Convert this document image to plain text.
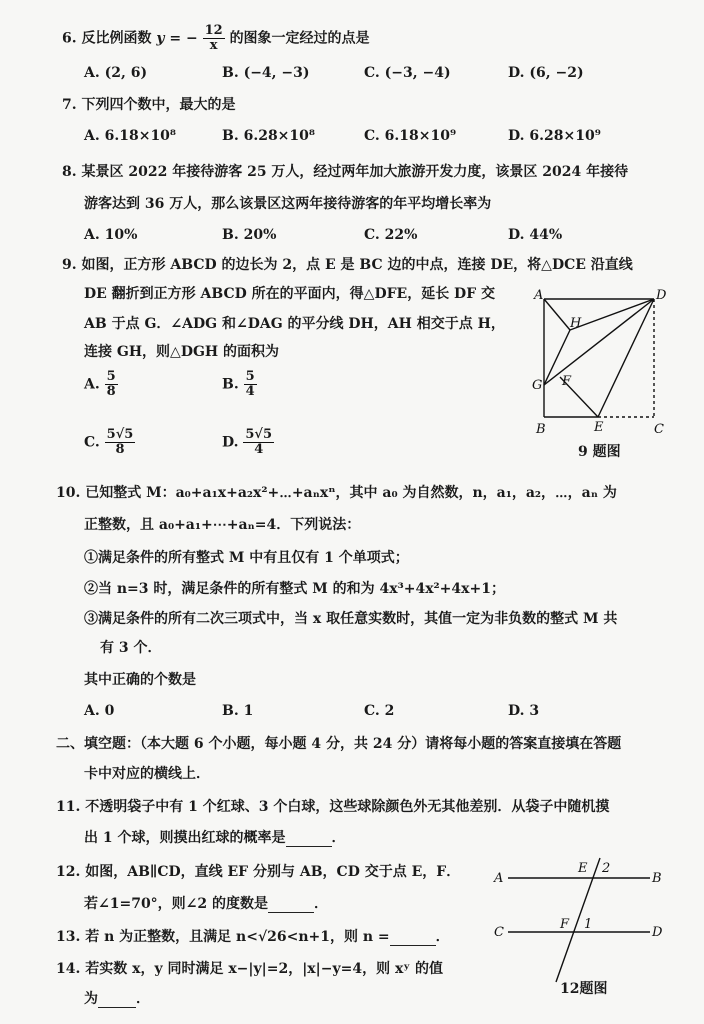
6. 反比例函数 y = − $\frac{12}{x}$ 的图象一定经过的点是
A. (2, 6)	B. (−4, −3)	C. (−3, −4)	D. (6, −2)
7. 下列四个数中，最大的是
A. 6.18×10⁸	B. 6.28×10⁸	C. 6.18×10⁹	D. 6.28×10⁹
8. 某景区 2022 年接待游客 25 万人，经过两年加大旅游开发力度，该景区 2024 年接待
游客达到 36 万人，那么该景区这两年接待游客的年平均增长率为
A. 10%	B. 20%	C. 22%	D. 44%
9. 如图，正方形 ABCD 的边长为 2，点 E 是 BC 边的中点，连接 DE，将△DCE 沿直线
DE 翻折到正方形 ABCD 所在的平面内，得△DFE，延长 DF 交
AB 于点 G．∠ADG 和∠DAG 的平分线 DH，AH 相交于点 H，
连接 GH，则△DGH 的面积为
A. $\frac{5}{8}$	B. $\frac{5}{4}$
C. $\frac{5√5}{8}$	D. $\frac{5√5}{4}$
A	D
H
G F
B	E	C
9 题图
10. 已知整式 M：a₀+a₁x+a₂x²+⋯+aₙxⁿ，其中 a₀ 为自然数，n，a₁，a₂，⋯，aₙ 为
正整数，且 a₀+a₁+⋯+aₙ=4．下列说法：
①满足条件的所有整式 M 中有且仅有 1 个单项式；
②当 n=3 时，满足条件的所有整式 M 的和为 4x³+4x²+4x+1；
③满足条件的所有二次三项式中，当 x 取任意实数时，其值一定为非负数的整式 M 共
有 3 个．
其中正确的个数是
A. 0	B. 1	C. 2	D. 3
二、填空题：（本大题 6 个小题，每小题 4 分，共 24 分）请将每小题的答案直接填在答题
卡中对应的横线上．
11. 不透明袋子中有 1 个红球、3 个白球，这些球除颜色外无其他差别．从袋子中随机摸
出 1 个球，则摸出红球的概率是	．
12. 如图，AB∥CD，直线 EF 分别与 AB，CD 交于点 E，F．
若∠1=70°，则∠2 的度数是	．
A
E 2
B
C
F 1
D
12题图
13. 若 n 为正整数，且满足 n<√26<n+1，则 n =	．
14. 若实数 x，y 同时满足 x−|y|=2，|x|−y=4，则 xʸ 的值
为	．
